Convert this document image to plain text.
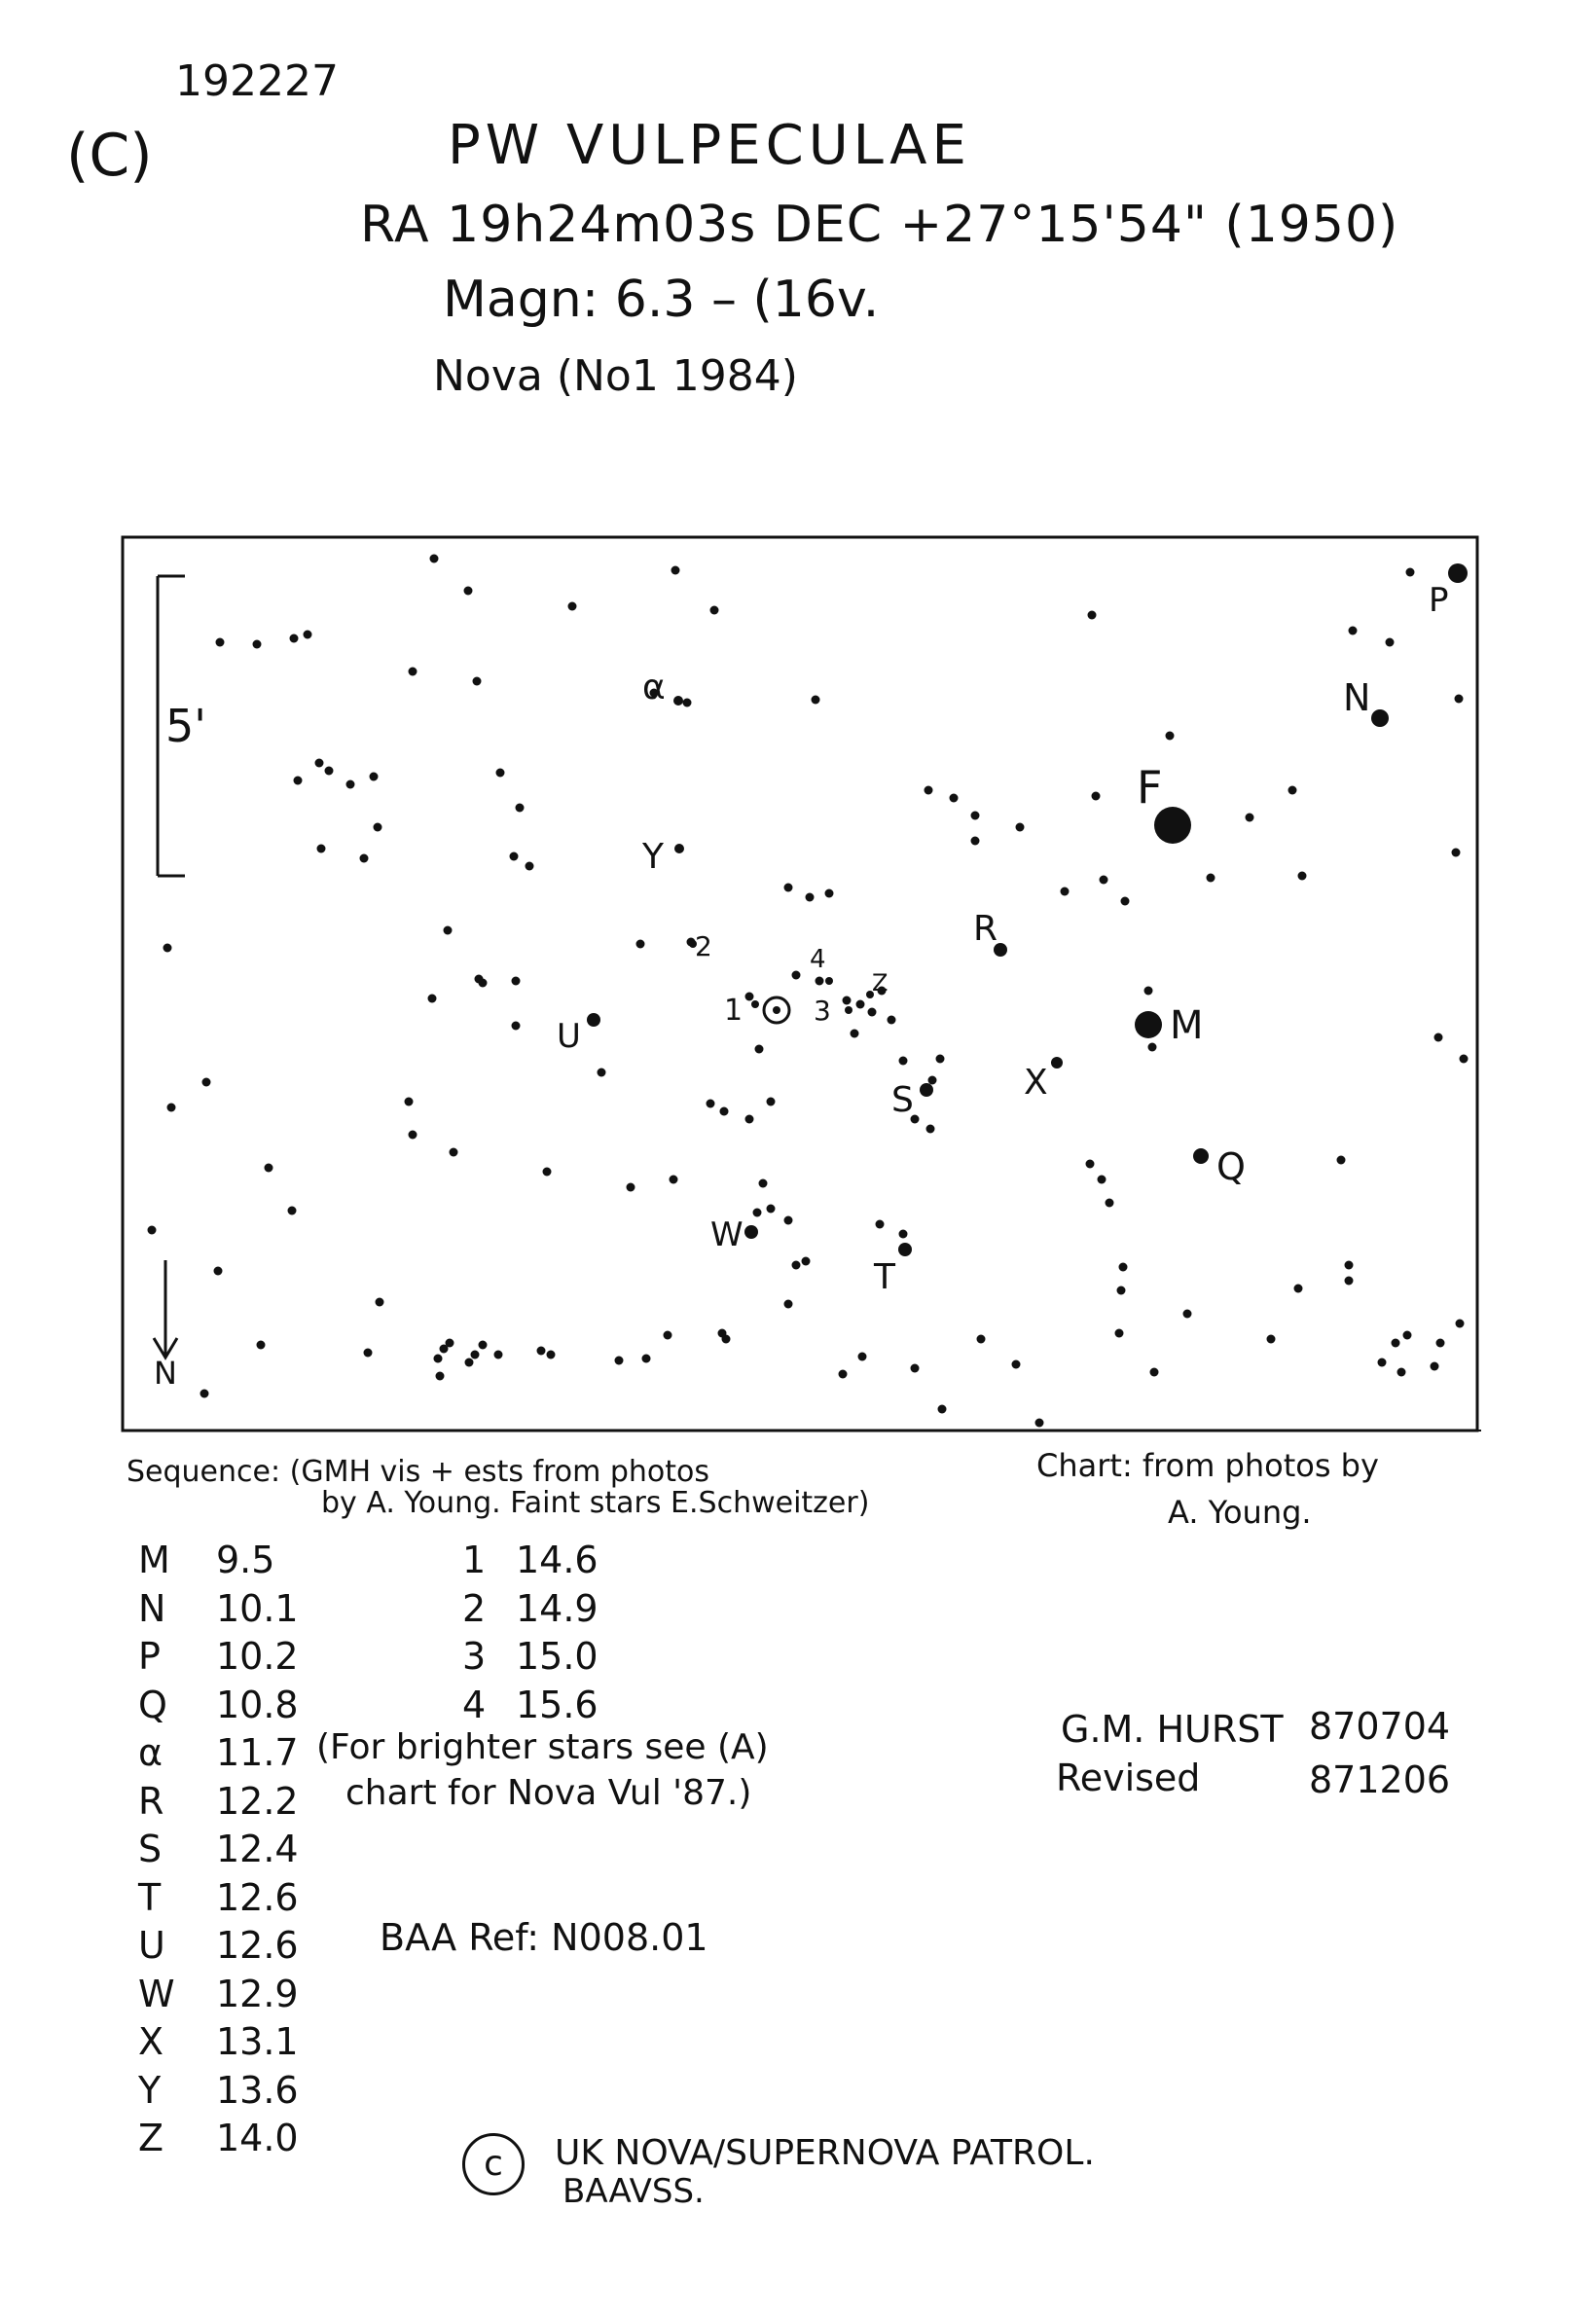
192227
(C)	PW VULPECULAE
RA 19h24m03s DEC +27°15'54" (1950)
Magn: 6.3 – (16v.
Nova (No1 1984)
5'
N
F
M
N
P
Q
α
R
S
T
U
W
X
Y
Z
1
2
3
4
Sequence: (GMH vis + ests from photos
by A. Young. Faint stars E.Schweitzer)
Chart: from photos by
A. Young.
M 9.5
N 10.1
P 10.2
Q 10.8
α 11.7
R 12.2
S 12.4
T 12.6
U 12.6
W 12.9
X 13.1
Y 13.6
Z 14.0
1 14.6
2 14.9
3 15.0
4 15.6
(For brighter stars see (A)
chart for Nova Vul '87.)
G.M. HURST 870704
Revised	871206
BAA Ref: N008.01
c	UK NOVA/SUPERNOVA PATROL.
BAAVSS.
